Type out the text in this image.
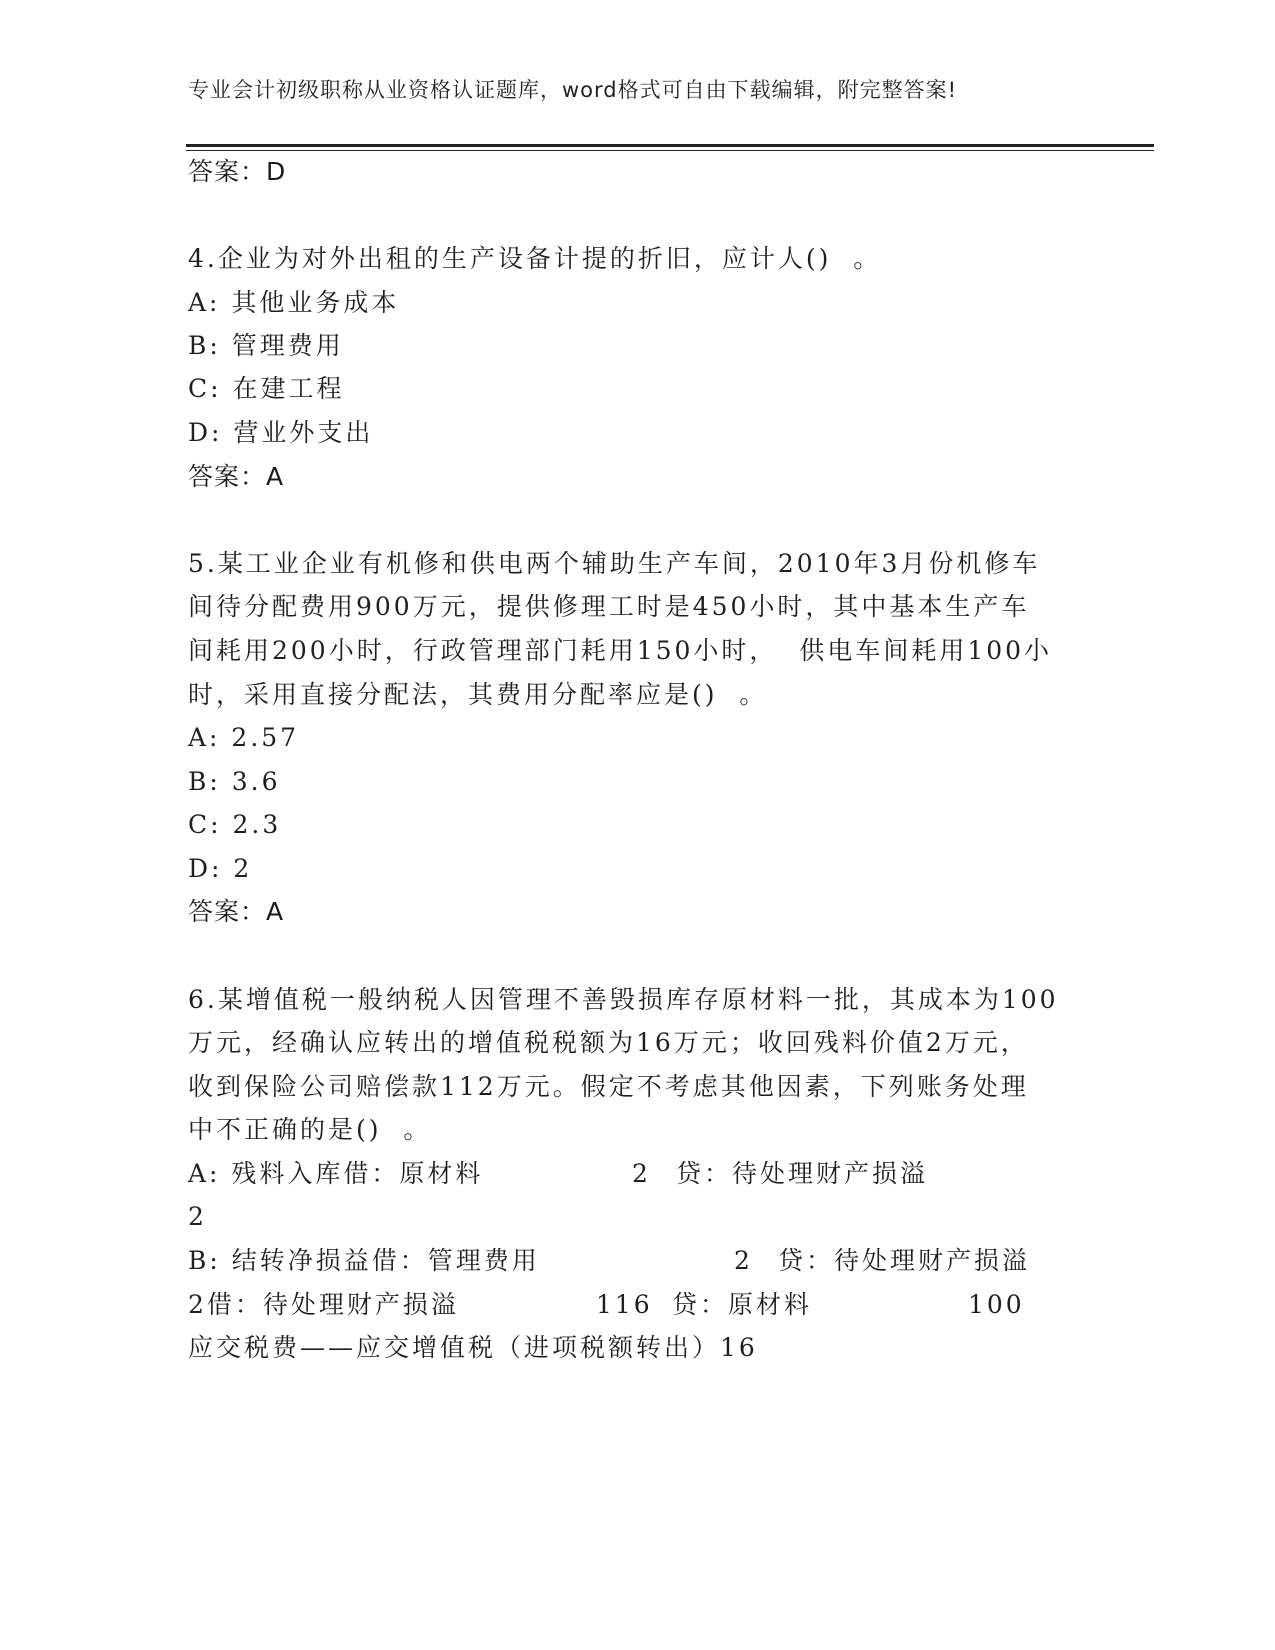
专业会计初级职称从业资格认证题库，word格式可自由下载编辑，附完整答案!
答案：D
4.企业为对外出租的生产设备计提的折旧，应计人()  。
A: 其他业务成本
B: 管理费用
C: 在建工程
D: 营业外支出
答案：A
5.某工业企业有机修和供电两个辅助生产车间，2010年3月份机修车
间待分配费用900万元，提供修理工时是450小时，其中基本生产车
间耗用200小时，行政管理部门耗用150小时，  供电车间耗用100小
时，采用直接分配法，其费用分配率应是()  。
A: 2.57
B: 3.6
C: 2.3
D: 2
答案：A
6.某增值税一般纳税人因管理不善毁损库存原材料一批，其成本为100
万元，经确认应转出的增值税税额为16万元；收回残料价值2万元，
收到保险公司赔偿款112万元。假定不考虑其他因素，下列账务处理
中不正确的是()  。
A: 残料入库借：原材料	2 贷：待处理财产损溢
2
B: 结转净损益借：管理费用	2 贷：待处理财产损溢
2借：待处理财产损溢	116 贷：原材料	100
应交税费——应交增值税（进项税额转出）16
